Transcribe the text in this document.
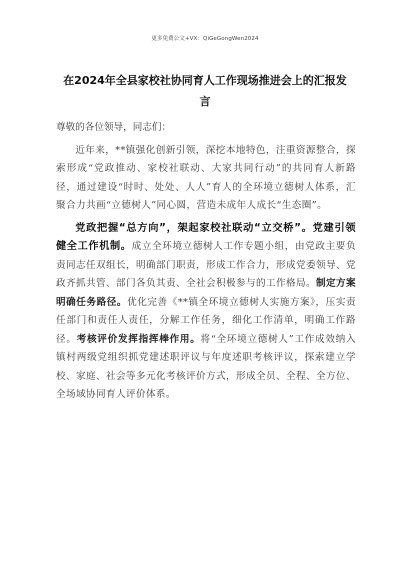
更多免费公文+VX：QiGeGongWen2024
在2024年全县家校社协同育人工作现场推进会上的汇报发言

尊敬的各位领导，同志们：

近年来，**镇强化创新引领，深挖本地特色，注重资源整合，探索形成“党政推动、家校社联动、大家共同行动”的共同育人新路径，通过建设“时时、处处、人人”育人的全环境立德树人体系，汇聚合力共画“立德树人”同心圆，营造未成年人成长“生态圈”。

党政把握“总方向”，架起家校社联动“立交桥”。党建引领健全工作机制。成立全环境立德树人工作专题小组，由党政主要负责同志任双组长，明确部门职责，形成工作合力，形成党委领导、党政齐抓共管、部门各负其责、全社会积极参与的工作格局。制定方案明确任务路径。优化完善《**镇全环境立德树人实施方案》，压实责任部门和责任人责任，分解工作任务，细化工作清单，明确工作路径。考核评价发挥指挥棒作用。将“全环境立德树人”工作成效纳入镇村两级党组织抓党建述职评议与年度述职考核评议，探索建立学校、家庭、社会等多元化考核评价方式，形成全员、全程、全方位、全场域协同育人评价体系。
